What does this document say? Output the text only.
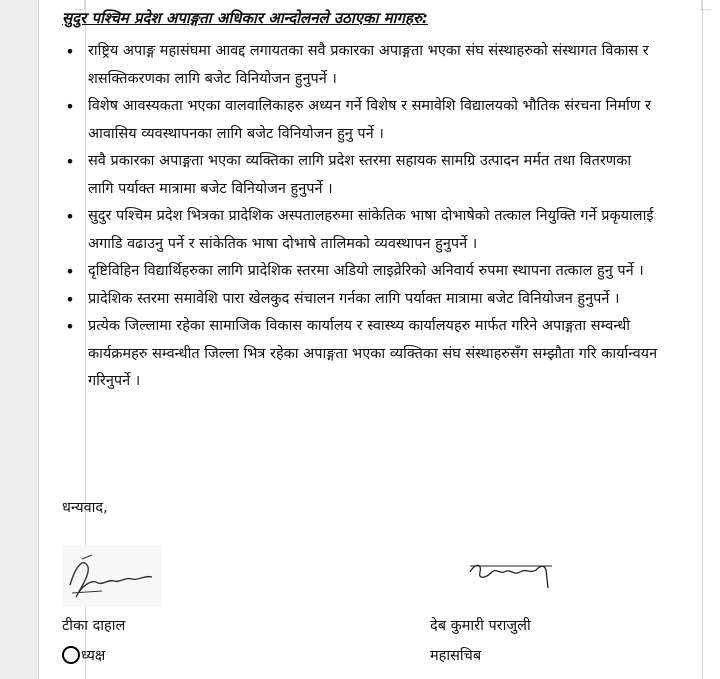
सुदुर पश्चिम प्रदेश अपाङ्गता अधिकार आन्दोलनले उठाएका मागहरु:
• राष्ट्रिय अपाङ्ग महासंघमा आवद्द लगायतका सवै प्रकारका अपाङ्गता भएका संघ संस्थाहरुको संस्थागत विकास र शसक्तिकरणका लागि बजेट विनियोजन हुनुपर्ने ।
• विशेष आवस्यकता भएका वालवालिकाहरु अध्यन गर्ने विशेष र समावेशि विद्यालयको भौतिक संरचना निर्माण र आवासिय व्यवस्थापनका लागि बजेट विनियोजन हुनु पर्ने ।
• सवै प्रकारका अपाङ्गता भएका व्यक्तिका लागि प्रदेश स्तरमा सहायक सामग्रि उत्पादन मर्मत तथा वितरणका लागि पर्याक्त मात्रामा बजेट विनियोजन हुनुपर्ने ।
• सुदुर पश्चिम प्रदेश भित्रका प्रादेशिक अस्पतालहरुमा सांकेतिक भाषा दोभाषेको तत्काल नियुक्ति गर्ने प्रकृयालाई अगाडि वढाउनु पर्ने र सांकेतिक भाषा दोभाषे तालिमको व्यवस्थापन हुनुपर्ने ।
• दृष्टिविहिन विद्यार्थिहरुका लागि प्रादेशिक स्तरमा अडियो लाइव्रेरिको अनिवार्य रुपमा स्थापना तत्काल हुनु पर्ने ।
• प्रादेशिक स्तरमा समावेशि पारा खेलकुद संचालन गर्नका लागि पर्याक्त मात्रामा बजेट विनियोजन हुनुपर्ने ।
• प्रत्येक जिल्लामा रहेका सामाजिक विकास कार्यालय र स्वास्थ्य कार्यालयहरु मार्फत गरिने अपाङ्गता सम्वन्धी कार्यक्रमहरु सम्वन्धीत जिल्ला भित्र रहेका अपाङ्गता भएका व्यक्तिका संघ संस्थाहरुसँग सम्झौता गरि कार्यान्वयन गरिनुपर्ने ।
धन्यवाद,
टीका दाहाल
ध्यक्ष
देब कुमारी पराजुली
महासचिब
